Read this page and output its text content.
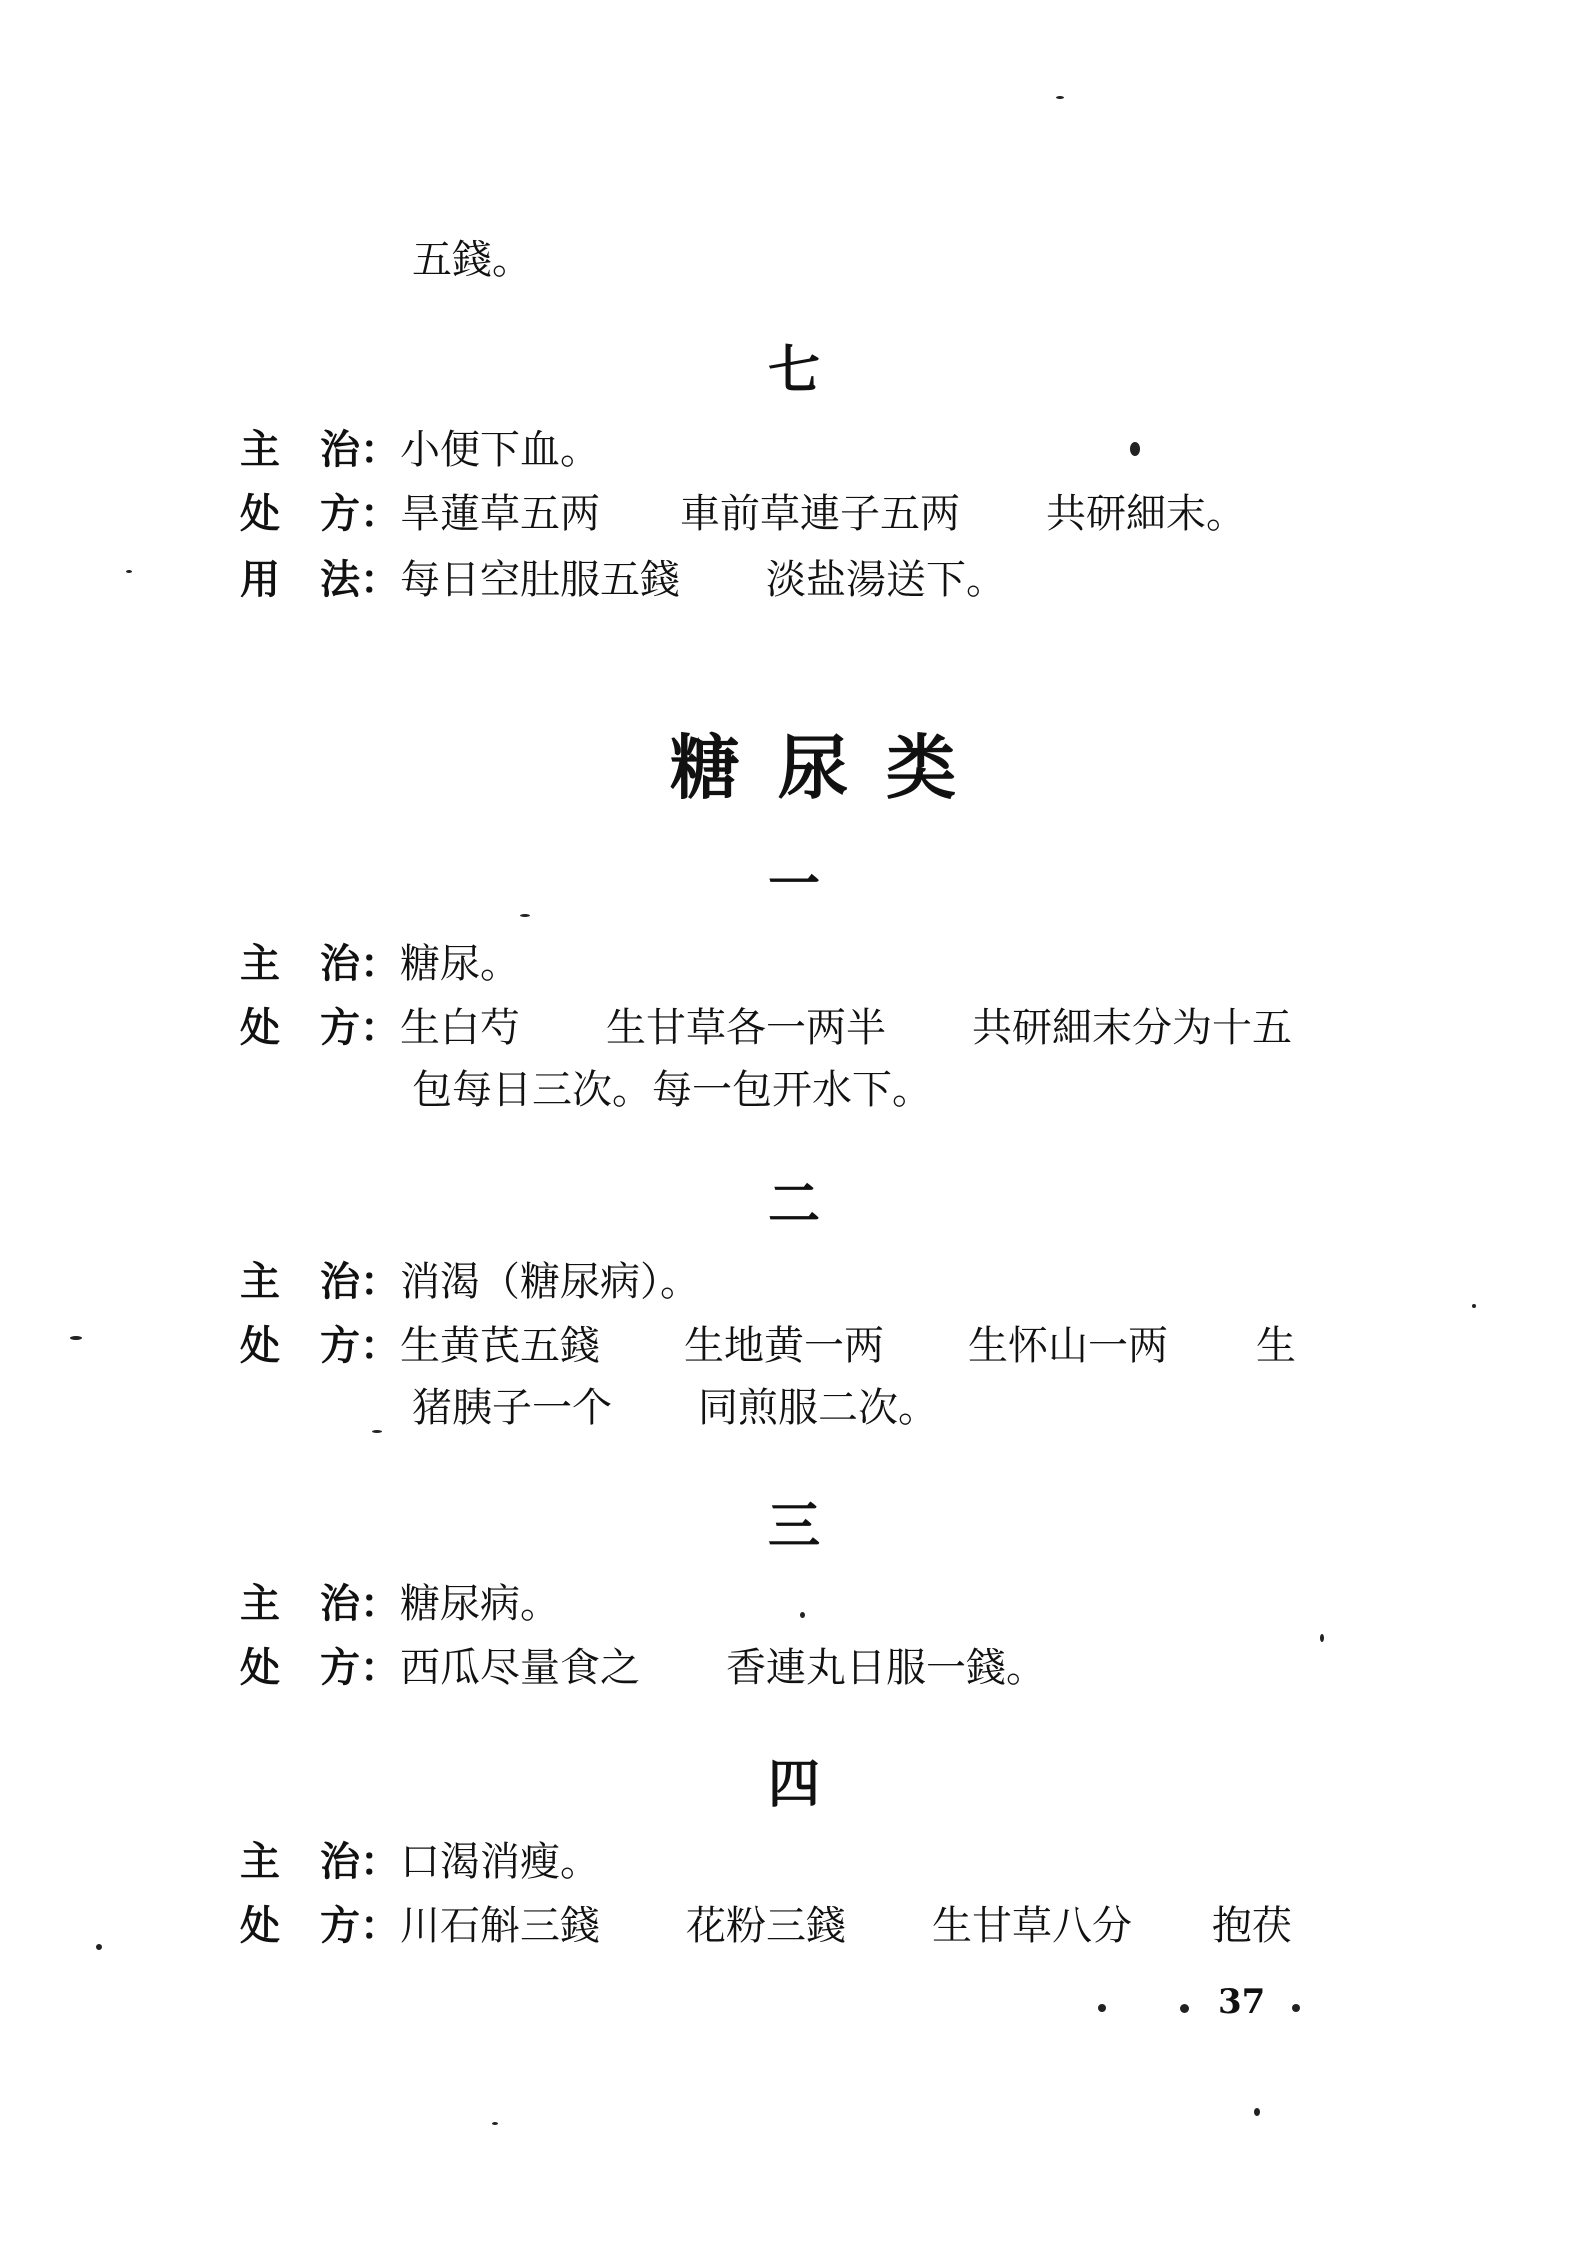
五錢。
七
主　治：小便下血。
处　方：旱蓮草五两 車前草連子五两 共研細末。
用　法：每日空肚服五錢 淡盐湯送下。
糖尿类
一
主　治：糖尿。
处　方：生白芍 生甘草各一两半 共研細末分为十五
包每日三次。每一包开水下。
二
主　治：消渴（糖尿病）。
处　方：生黄芪五錢 生地黄一两 生怀山一两 生
猪胰子一个 同煎服二次。
三
主　治：糖尿病。
处　方：西瓜尽量食之 香連丸日服一錢。
四
主　治：口渴消瘦。
处　方：川石斛三錢 花粉三錢 生甘草八分 抱茯
37
